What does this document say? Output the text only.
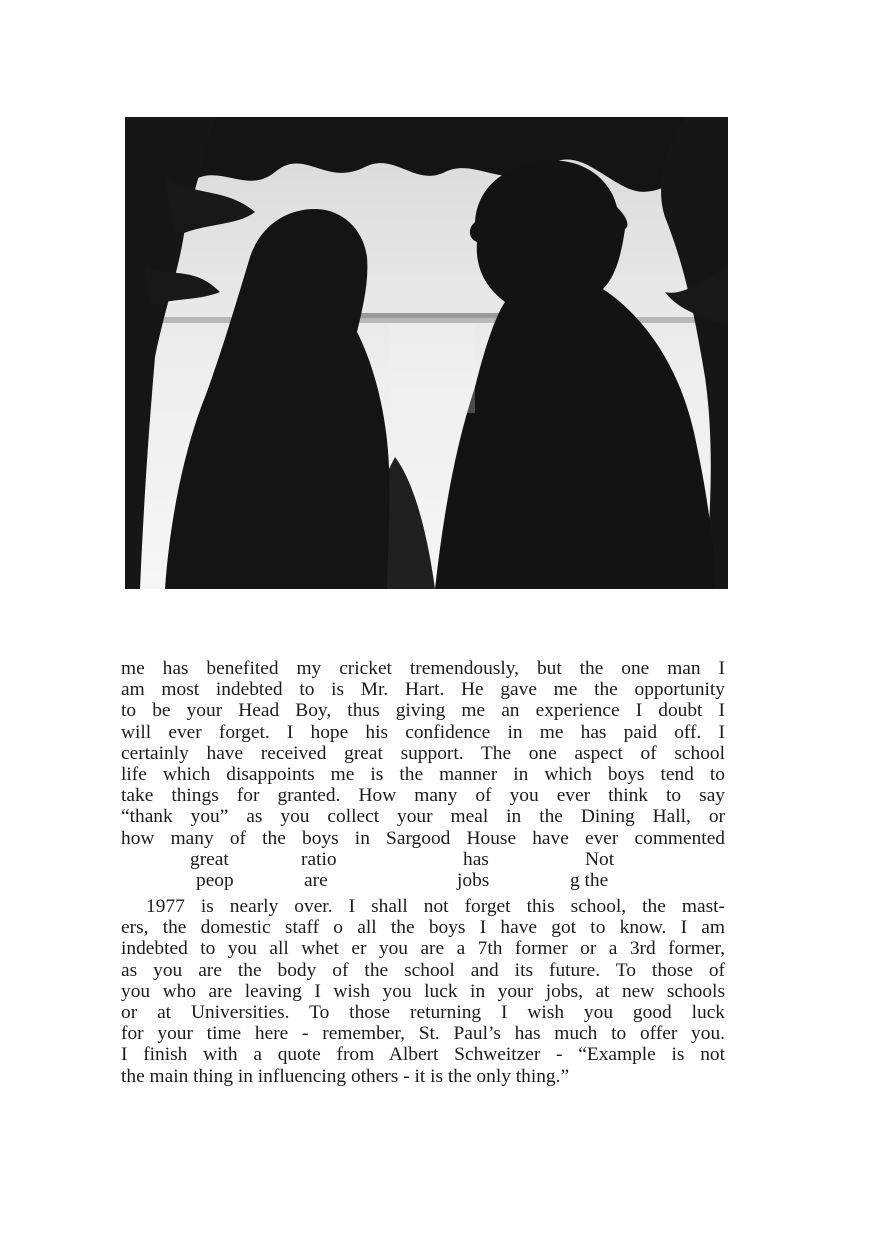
me has benefited my cricket tremendously, but the one man I
am most indebted to is Mr. Hart. He gave me the opportunity
to be your Head Boy, thus giving me an experience I doubt I
will ever forget. I hope his confidence in me has paid off. I
certainly have received great support. The one aspect of school
life which disappoints me is the manner in which boys tend to
take things for granted. How many of you ever think to say
“thank you” as you collect your meal in the Dining Hall, or
how many of the boys in Sargood House have ever commented
great	ratio	has	Not
peop	are	jobs	g the
1977 is nearly over. I shall not forget this school, the mast-
ers, the domestic staff o all the boys I have got to know. I am
indebted to you all whet er you are a 7th former or a 3rd former,
as you are the body of the school and its future. To those of
you who are leaving I wish you luck in your jobs, at new schools
or at Universities. To those returning I wish you good luck
for your time here - remember, St. Paul’s has much to offer you.
I finish with a quote from Albert Schweitzer - “Example is not
the main thing in influencing others - it is the only thing.”
